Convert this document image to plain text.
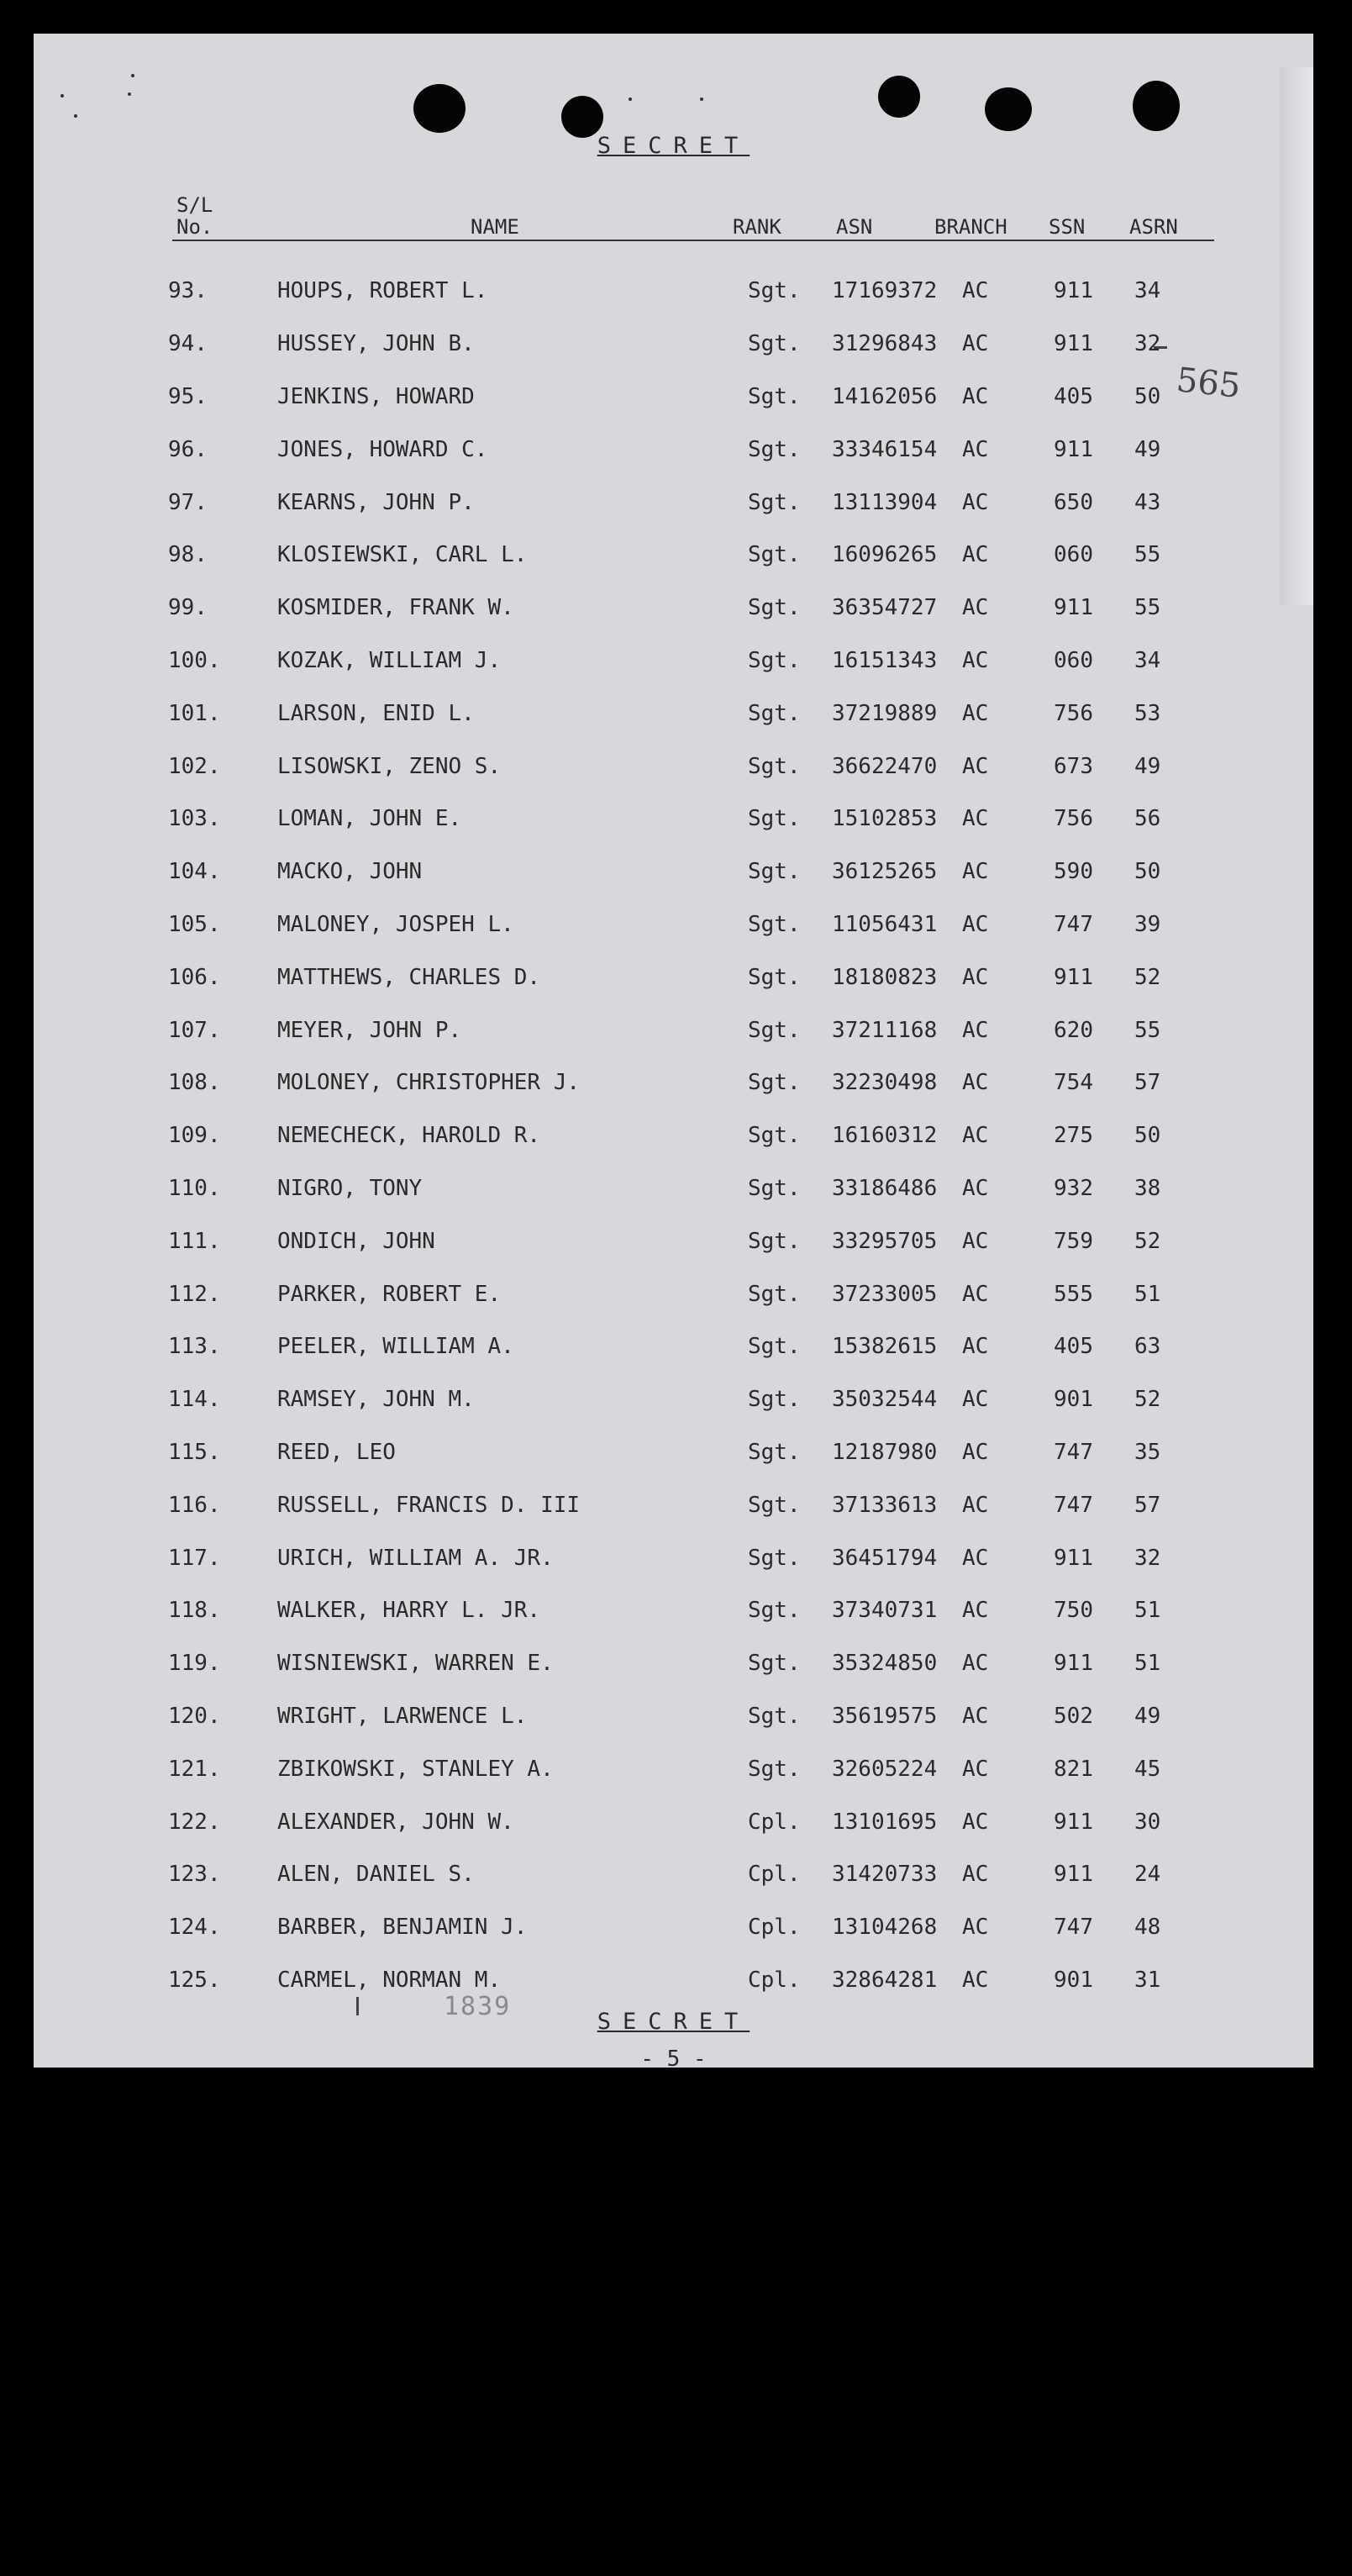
SECRET
S/L
No.	NAME	RANK	ASN	BRANCH SSN ASRN
565
93.	HOUPS, ROBERT L.	Sgt.	17169372	AC	911	34
94.	HUSSEY, JOHN B.	Sgt.	31296843	AC	911	32
95.	JENKINS, HOWARD	Sgt.	14162056	AC	405	50
96.	JONES, HOWARD C.	Sgt.	33346154	AC	911	49
97.	KEARNS, JOHN P.	Sgt.	13113904	AC	650	43
98.	KLOSIEWSKI, CARL L.	Sgt.	16096265	AC	060	55
99.	KOSMIDER, FRANK W.	Sgt.	36354727	AC	911	55
100.	KOZAK, WILLIAM J.	Sgt.	16151343	AC	060	34
101.	LARSON, ENID L.	Sgt.	37219889	AC	756	53
102.	LISOWSKI, ZENO S.	Sgt.	36622470	AC	673	49
103.	LOMAN, JOHN E.	Sgt.	15102853	AC	756	56
104.	MACKO, JOHN	Sgt.	36125265	AC	590	50
105.	MALONEY, JOSPEH L.	Sgt.	11056431	AC	747	39
106.	MATTHEWS, CHARLES D.	Sgt.	18180823	AC	911	52
107.	MEYER, JOHN P.	Sgt.	37211168	AC	620	55
108.	MOLONEY, CHRISTOPHER J.	Sgt.	32230498	AC	754	57
109.	NEMECHECK, HAROLD R.	Sgt.	16160312	AC	275	50
110.	NIGRO, TONY	Sgt.	33186486	AC	932	38
111.	ONDICH, JOHN	Sgt.	33295705	AC	759	52
112.	PARKER, ROBERT E.	Sgt.	37233005	AC	555	51
113.	PEELER, WILLIAM A.	Sgt.	15382615	AC	405	63
114.	RAMSEY, JOHN M.	Sgt.	35032544	AC	901	52
115.	REED, LEO	Sgt.	12187980	AC	747	35
116.	RUSSELL, FRANCIS D. III	Sgt.	37133613	AC	747	57
117.	URICH, WILLIAM A. JR.	Sgt.	36451794	AC	911	32
118.	WALKER, HARRY L. JR.	Sgt.	37340731	AC	750	51
119.	WISNIEWSKI, WARREN E.	Sgt.	35324850	AC	911	51
120.	WRIGHT, LARWENCE L.	Sgt.	35619575	AC	502	49
121.	ZBIKOWSKI, STANLEY A.	Sgt.	32605224	AC	821	45
122.	ALEXANDER, JOHN W.	Cpl.	13101695	AC	911	30
123.	ALEN, DANIEL S.	Cpl.	31420733	AC	911	24
124.	BARBER, BENJAMIN J.	Cpl.	13104268	AC	747	48
125.	CARMEL, NORMAN M.	Cpl.	32864281	AC	901	31
1839
SECRET
- 5 -
